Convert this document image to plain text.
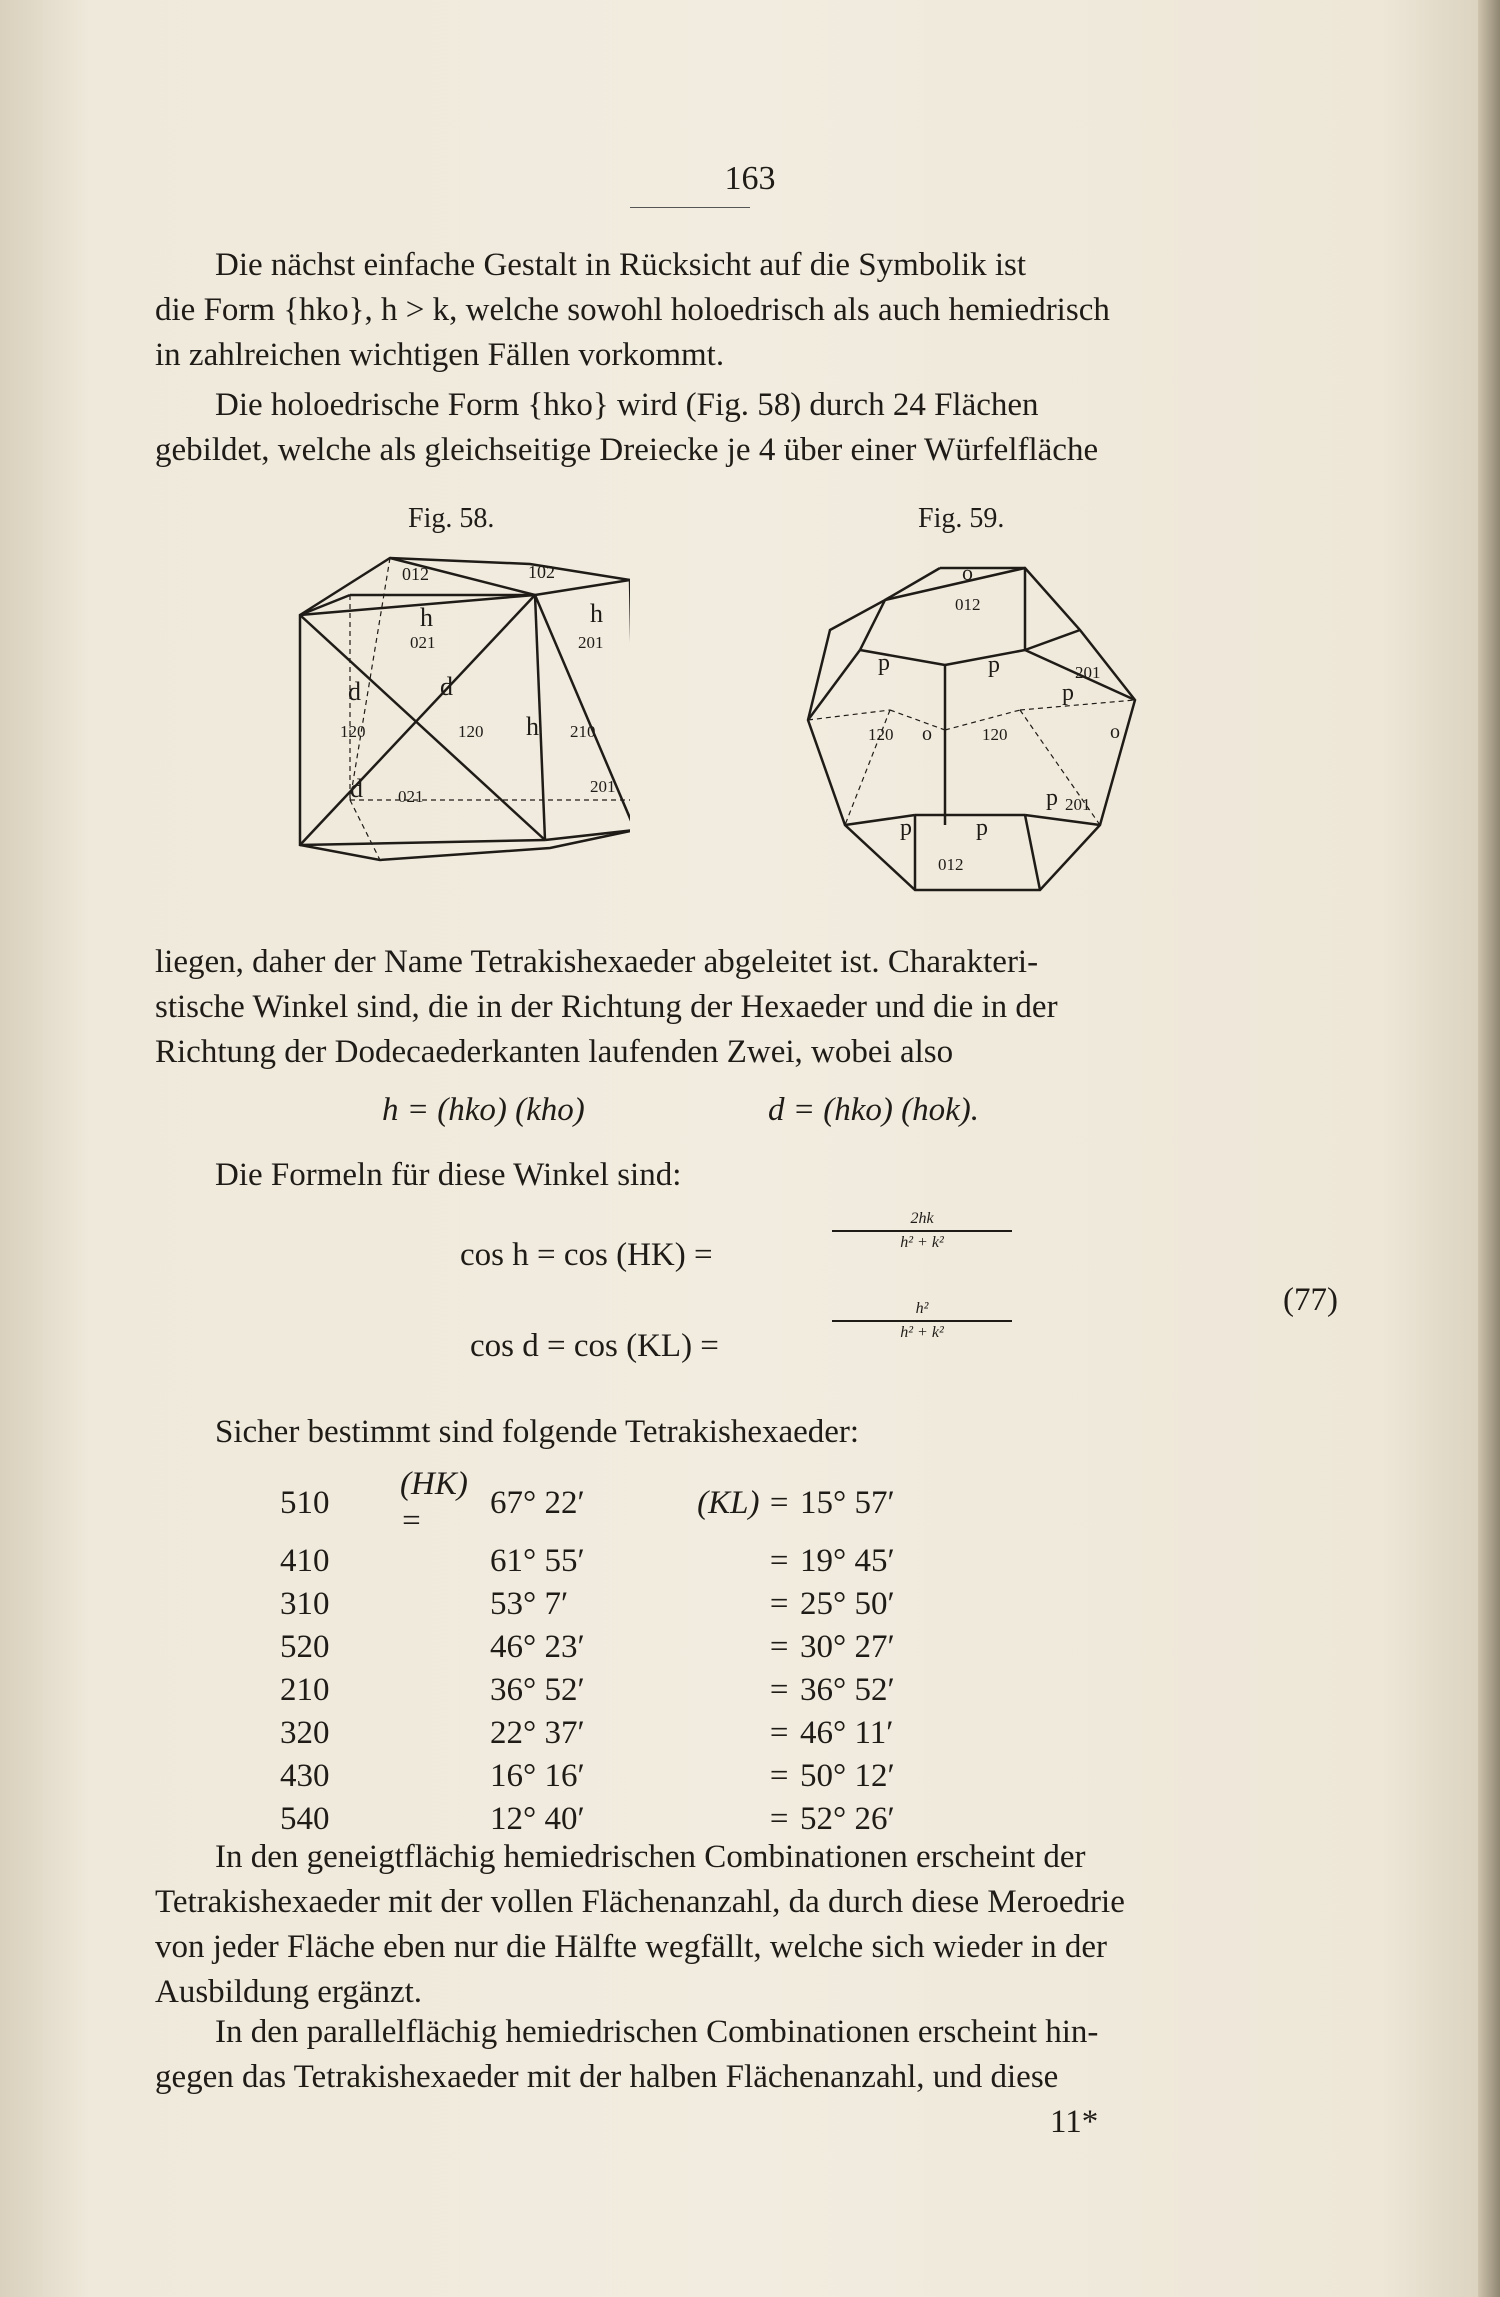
163

Die nächst einfache Gestalt in Rücksicht auf die Symbolik ist
die Form {hko}, h > k, welche sowohl holoedrisch als auch hemiedrisch
in zahlreichen wichtigen Fällen vorkommt.

Die holoedrische Form {hko} wird (Fig. 58) durch 24 Flächen
gebildet, welche als gleichseitige Dreiecke je 4 über einer Würfelfläche

Fig. 58.	Fig. 59.
012	102
h	h
021	201
d	d
120	120 h 210
d 021
201
o
012
p	p	201
p
120 o	120	o
p 201
p	p
012

liegen, daher der Name Tetrakishexaeder abgeleitet ist. Charakteri-
stische Winkel sind, die in der Richtung der Hexaeder und die in der
Richtung der Dodecaederkanten laufenden Zwei, wobei also

h = (hko) (kho)	d = (hko) (hok).

Die Formeln für diese Winkel sind:

cos h = cos (HK) =
$\frac{2hk}{\text{h² + k²}}$
cos d = cos (KL) =
$\frac{\text{h²}}{\text{h² + k²}}$	(77)

Sicher bestimmt sind folgende Tetrakishexaeder:

510	(HK) =	67° 22′	(KL) =	15° 57′
410		61° 55′	=	19° 45′
310		53° 7′	=	25° 50′
520		46° 23′	=	30° 27′
210		36° 52′	=	36° 52′
320		22° 37′	=	46° 11′
430		16° 16′	=	50° 12′
540		12° 40′	=	52° 26′

In den geneigtflächig hemiedrischen Combinationen erscheint der
Tetrakishexaeder mit der vollen Flächenanzahl, da durch diese Meroedrie
von jeder Fläche eben nur die Hälfte wegfällt, welche sich wieder in der
Ausbildung ergänzt.

In den parallelflächig hemiedrischen Combinationen erscheint hin-
gegen das Tetrakishexaeder mit der halben Flächenanzahl, und diese

11*
